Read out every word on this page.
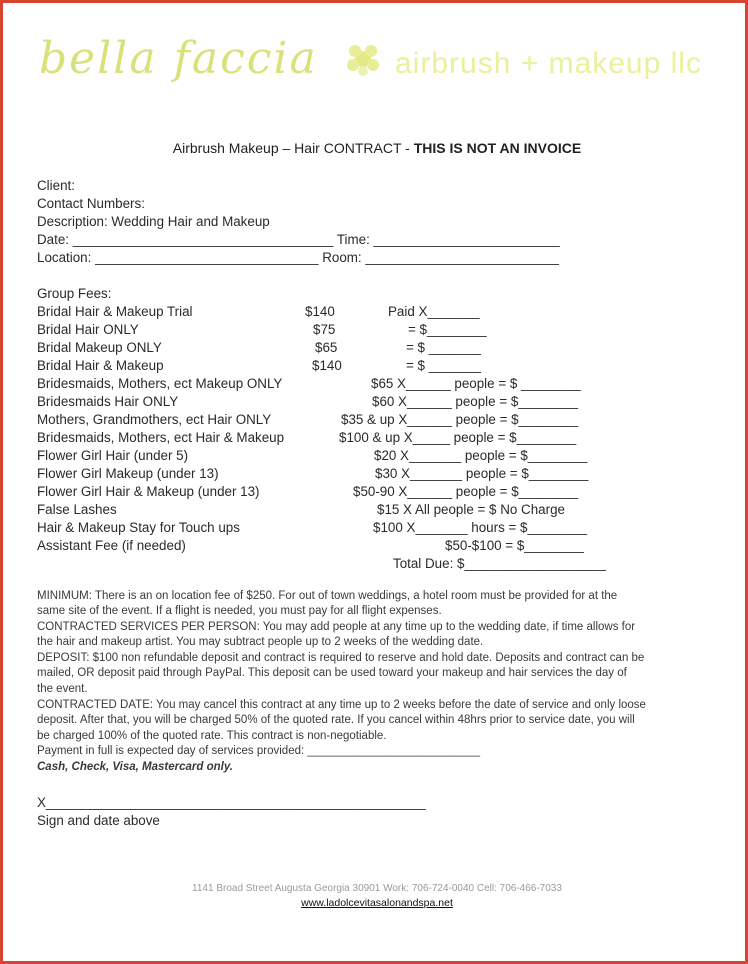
bella faccia	airbrush + makeup llc
Airbrush Makeup – Hair CONTRACT - THIS IS NOT AN INVOICE
Client:
Contact Numbers:
Description: Wedding Hair and Makeup
Date: ___________________________________ Time: _________________________
Location: ______________________________ Room: __________________________
Group Fees:
Bridal Hair & Makeup Trial	$140	Paid X_______
Bridal Hair ONLY	$75	= $________
Bridal Makeup ONLY	$65	= $ _______
Bridal Hair & Makeup	$140	= $ _______
Bridesmaids, Mothers, ect Makeup ONLY	$65 X______ people = $ ________
Bridesmaids Hair ONLY	$60 X______ people = $________
Mothers, Grandmothers, ect Hair ONLY	$35 & up X______ people = $________
Bridesmaids, Mothers, ect Hair & Makeup	$100 & up X_____ people = $________
Flower Girl Hair (under 5)	$20 X_______ people = $________
Flower Girl Makeup (under 13)	$30 X_______ people = $________
Flower Girl Hair & Makeup (under 13)	$50-90 X______ people = $________
False Lashes	$15 X All people = $ No Charge
Hair & Makeup Stay for Touch ups	$100 X_______ hours = $________
Assistant Fee (if needed)	$50-$100 = $________
Total Due: $___________________
MINIMUM: There is an on location fee of $250. For out of town weddings, a hotel room must be provided for at the
same site of the event. If a flight is needed, you must pay for all flight expenses.
CONTRACTED SERVICES PER PERSON: You may add people at any time up to the wedding date, if time allows for
the hair and makeup artist. You may subtract people up to 2 weeks of the wedding date.
DEPOSIT: $100 non refundable deposit and contract is required to reserve and hold date. Deposits and contract can be
mailed, OR deposit paid through PayPal. This deposit can be used toward your makeup and hair services the day of
the event.
CONTRACTED DATE: You may cancel this contract at any time up to 2 weeks before the date of service and only loose
deposit. After that, you will be charged 50% of the quoted rate. If you cancel within 48hrs prior to service date, you will
be charged 100% of the quoted rate. This contract is non-negotiable.
Payment in full is expected day of services provided: ___________________________
Cash, Check, Visa, Mastercard only.
X___________________________________________________
Sign and date above
1141 Broad Street Augusta Georgia 30901 Work: 706-724-0040 Cell: 706-466-7033
www.ladolcevitasalonandspa.net
